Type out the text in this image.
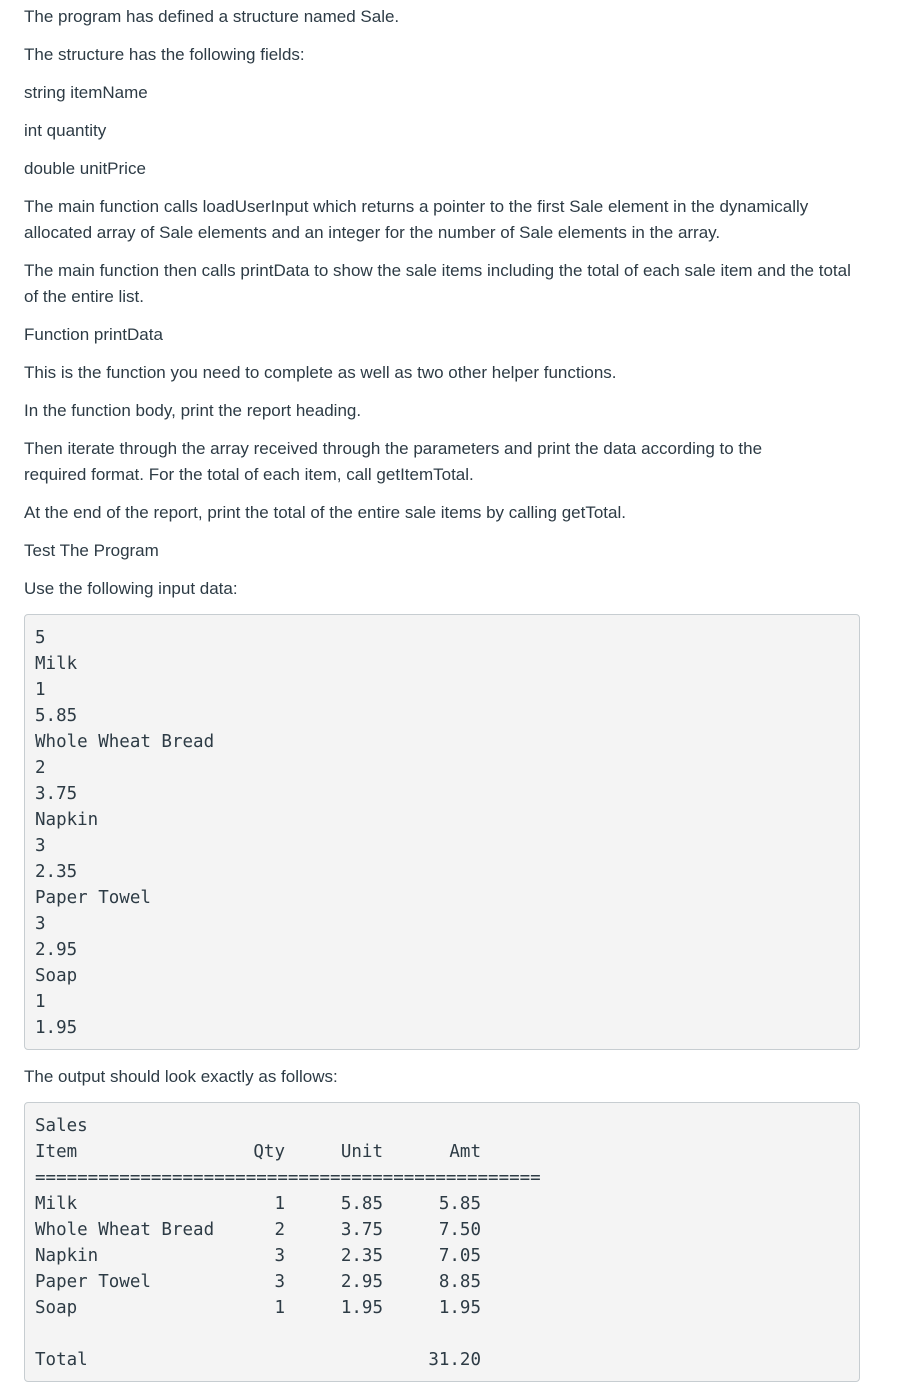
The program has defined a structure named Sale.

The structure has the following fields:

string itemName

int quantity

double unitPrice

The main function calls loadUserInput which returns a pointer to the first Sale element in the dynamically allocated array of Sale elements and an integer for the number of Sale elements in the array.

The main function then calls printData to show the sale items including the total of each sale item and the total of the entire list.

Function printData

This is the function you need to complete as well as two other helper functions.

In the function body, print the report heading.

Then iterate through the array received through the parameters and print the data according to the required format. For the total of each item, call getItemTotal.

At the end of the report, print the total of the entire sale items by calling getTotal.

Test The Program

Use the following input data:

5
Milk
1
5.85
Whole Wheat Bread
2
3.75
Napkin
3
2.35
Paper Towel
3
2.95
Soap
1
1.95

The output should look exactly as follows:

Sales
Item	Qty	Unit	Amt

================================================			

Milk	1	5.85	5.85
Whole Wheat Bread	2	3.75	7.50
Napkin	3	2.35	7.05
Paper Towel	3	2.95	8.85
Soap	1	1.95	1.95

Total			31.20
